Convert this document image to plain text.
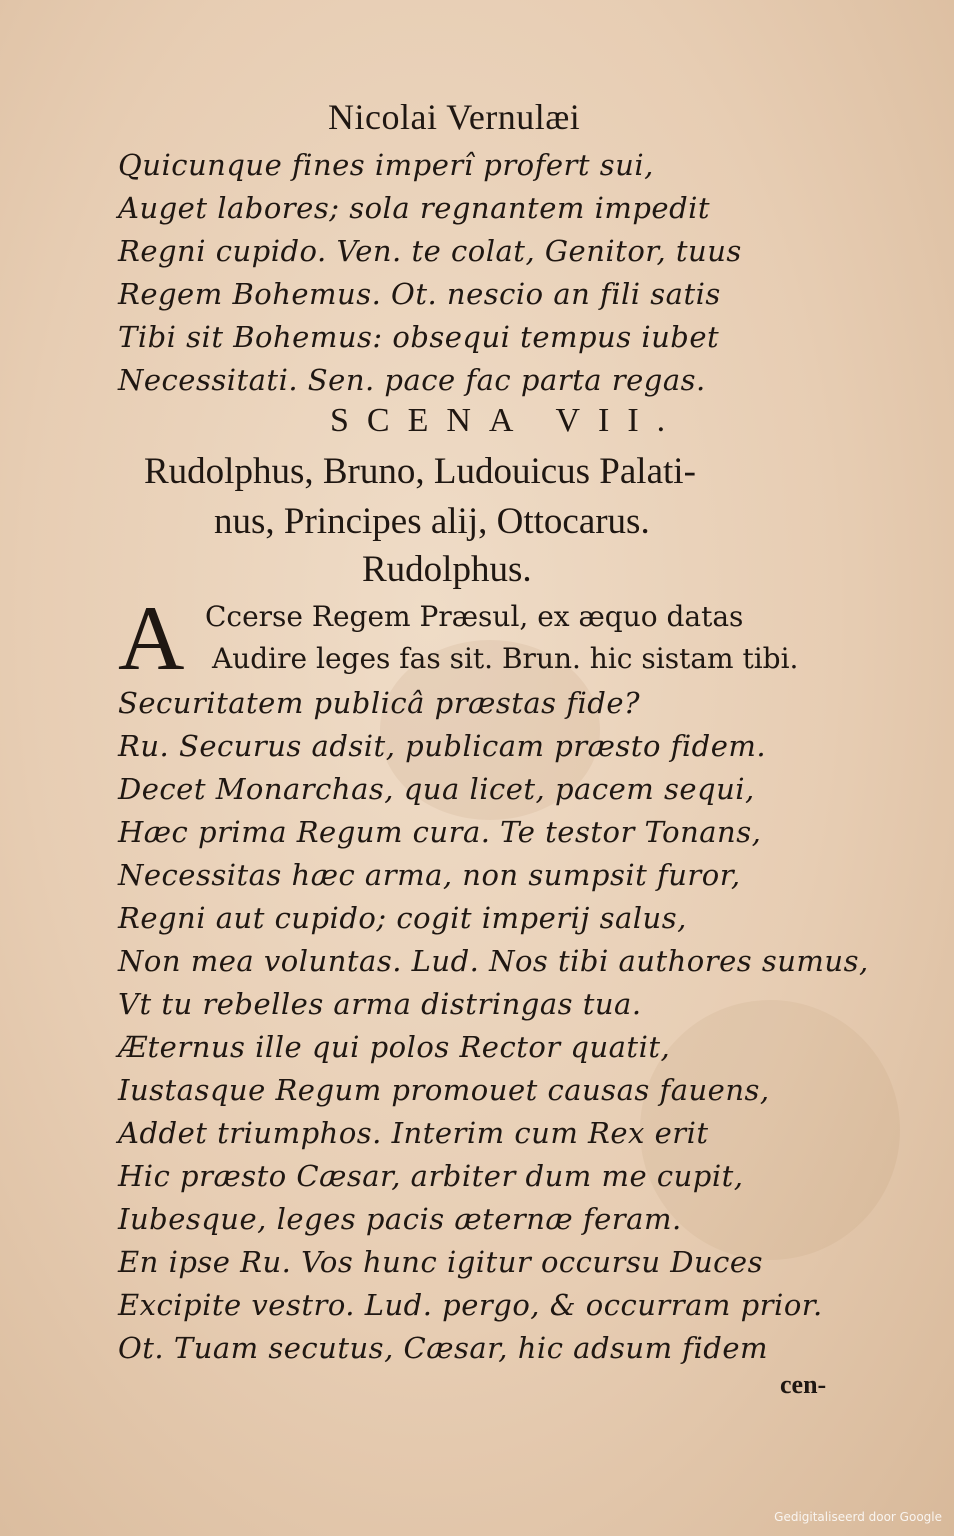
Nicolai Vernulæi
Quicunque fines imperî profert sui,
Auget labores; sola regnantem impedit
Regni cupido. Ven. te colat, Genitor, tuus
Regem Bohemus. Ot. nescio an fili satis
Tibi sit Bohemus: obsequi tempus iubet
Necessitati. Sen. pace fac parta regas.
SCENA VII.
Rudolphus, Bruno, Ludouicus Palati-
nus, Principes alij, Ottocarus.
Rudolphus.
A Ccerse Regem Præsul, ex æquo datas
Audire leges fas sit. Brun. hic sistam tibi.
Securitatem publicâ præstas fide?
Ru. Securus adsit, publicam præsto fidem.
Decet Monarchas, qua licet, pacem sequi,
Hæc prima Regum cura. Te testor Tonans,
Necessitas hæc arma, non sumpsit furor,
Regni aut cupido; cogit imperij salus,
Non mea voluntas. Lud. Nos tibi authores sumus,
Vt tu rebelles arma distringas tua.
Æternus ille qui polos Rector quatit,
Iustasque Regum promouet causas fauens,
Addet triumphos. Interim cum Rex erit
Hic præsto Cæsar, arbiter dum me cupit,
Iubesque, leges pacis æternæ feram.
En ipse Ru. Vos hunc igitur occursu Duces
Excipite vestro. Lud. pergo, & occurram prior.
Ot. Tuam secutus, Cæsar, hic adsum fidem
cen-
Gedigitaliseerd door Google
